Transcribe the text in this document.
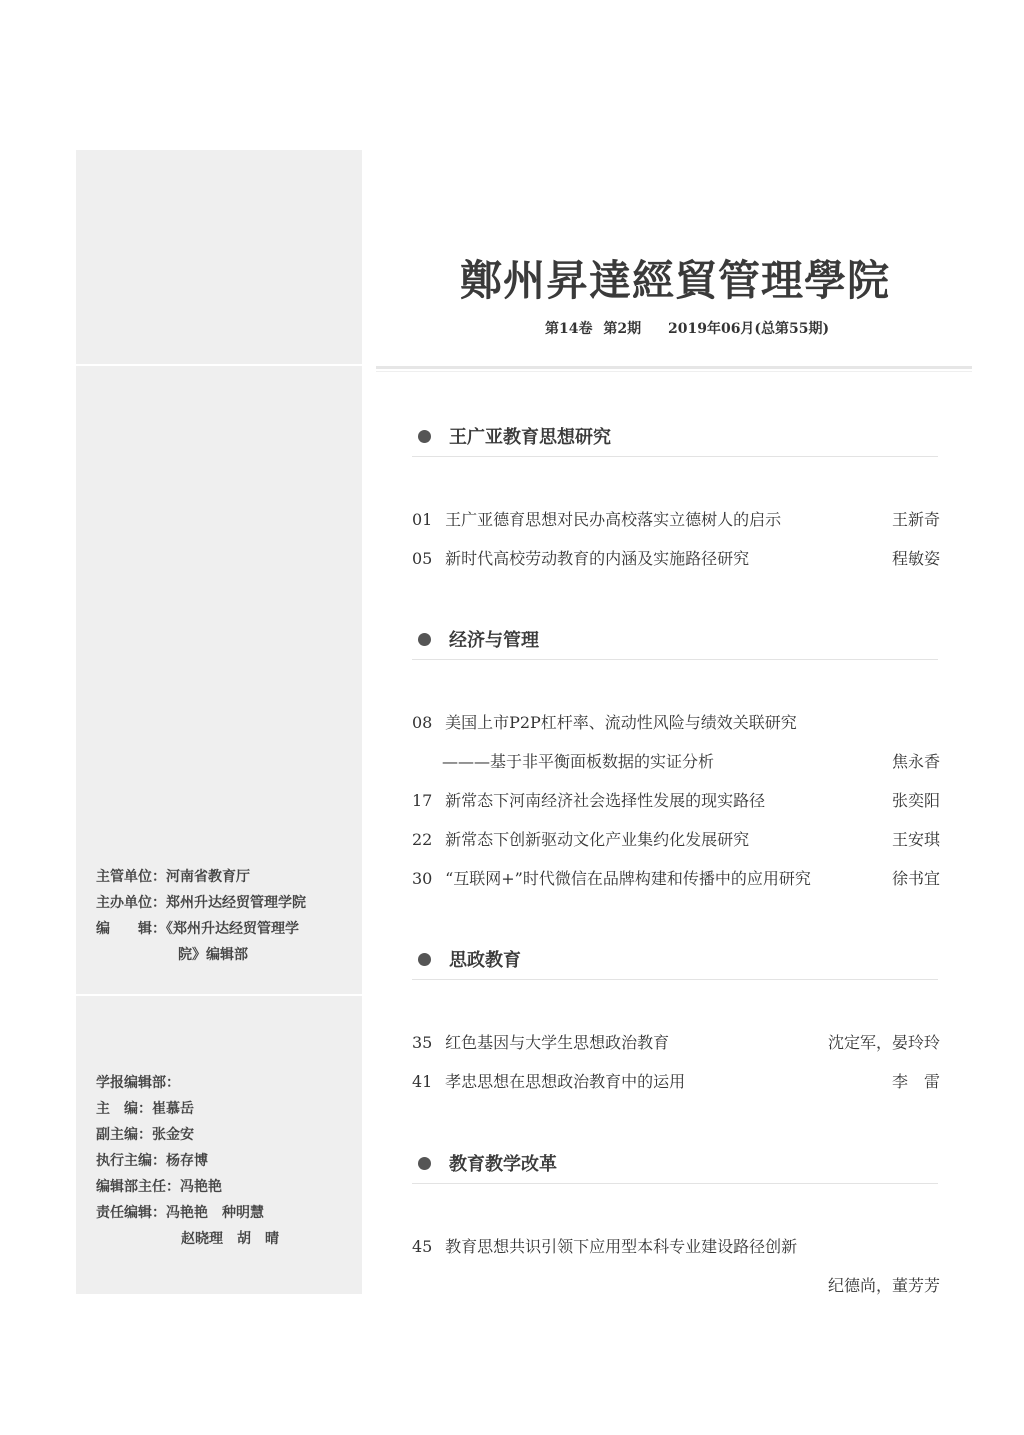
主管单位：河南省教育厅
主办单位：郑州升达经贸管理学院
编　　辑：《郑州升达经贸管理学
院》编辑部
学报编辑部：
主　编：崔慕岳
副主编：张金安
执行主编：杨存博
编辑部主任：冯艳艳
责任编辑：冯艳艳　种明慧
赵晓理　胡　晴
鄭州昇達經貿管理學院
第14卷 第2期 2019年06月(总第55期)
王广亚教育思想研究
01 王广亚德育思想对民办高校落实立德树人的启示	王新奇
05 新时代高校劳动教育的内涵及实施路径研究	程敏姿
经济与管理
08 美国上市P2P杠杆率、流动性风险与绩效关联研究
———基于非平衡面板数据的实证分析	焦永香
17 新常态下河南经济社会选择性发展的现实路径	张奕阳
22 新常态下创新驱动文化产业集约化发展研究	王安琪
30 “互联网+”时代微信在品牌构建和传播中的应用研究	徐书宜
思政教育
35 红色基因与大学生思想政治教育	沈定军，晏玲玲
41 孝忠思想在思想政治教育中的运用	李　雷
教育教学改革
45 教育思想共识引领下应用型本科专业建设路径创新
纪德尚，董芳芳
